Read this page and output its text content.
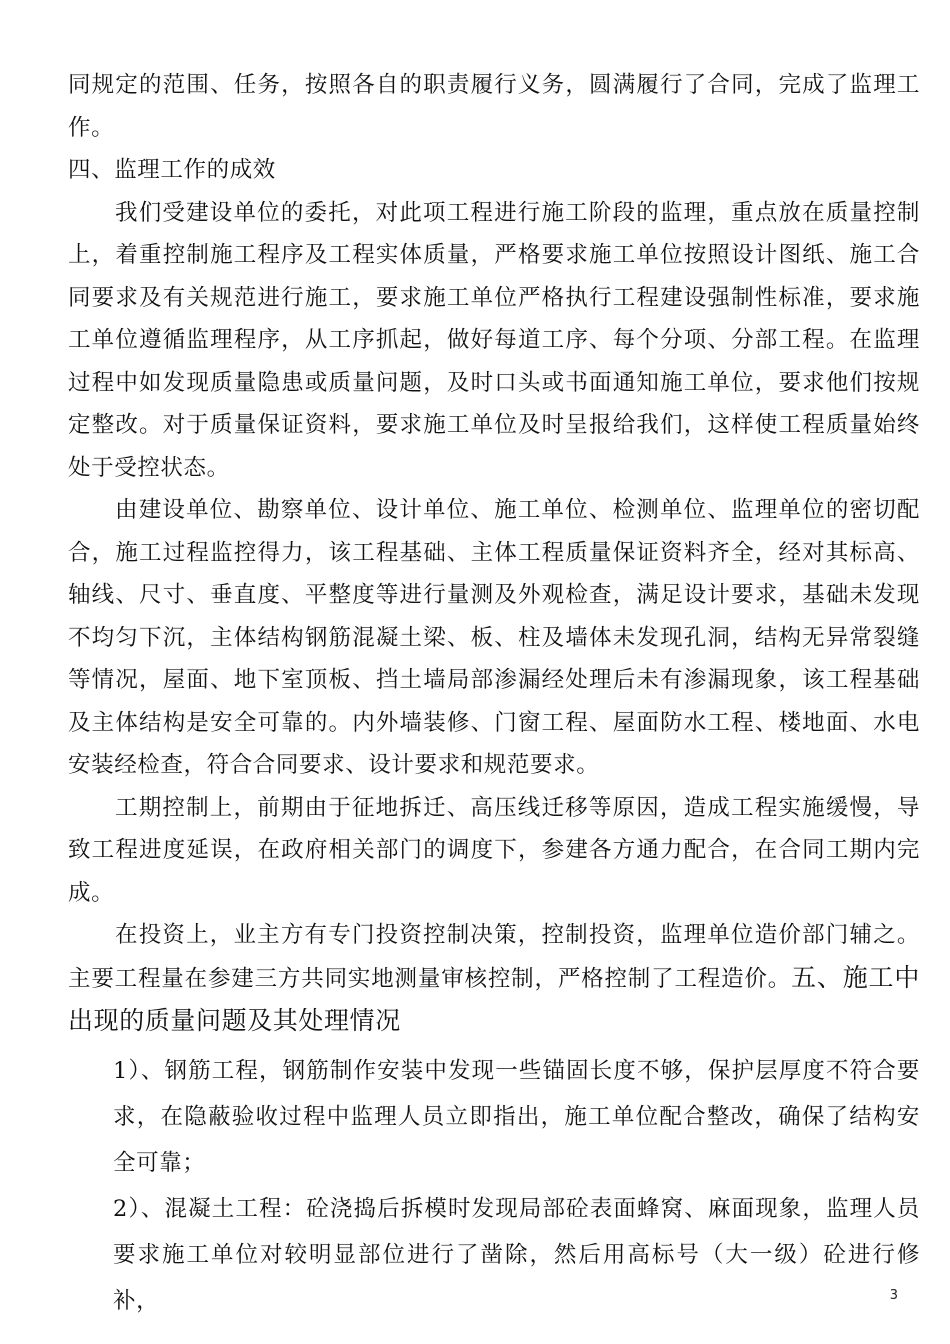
同规定的范围、任务，按照各自的职责履行义务，圆满履行了合同，完成了监理工作。

四、监理工作的成效

我们受建设单位的委托，对此项工程进行施工阶段的监理，重点放在质量控制上，着重控制施工程序及工程实体质量，严格要求施工单位按照设计图纸、施工合同要求及有关规范进行施工，要求施工单位严格执行工程建设强制性标准，要求施工单位遵循监理程序，从工序抓起，做好每道工序、每个分项、分部工程。在监理过程中如发现质量隐患或质量问题，及时口头或书面通知施工单位，要求他们按规定整改。对于质量保证资料，要求施工单位及时呈报给我们，这样使工程质量始终处于受控状态。

由建设单位、勘察单位、设计单位、施工单位、检测单位、监理单位的密切配合，施工过程监控得力，该工程基础、主体工程质量保证资料齐全，经对其标高、轴线、尺寸、垂直度、平整度等进行量测及外观检查，满足设计要求，基础未发现不均匀下沉，主体结构钢筋混凝土梁、板、柱及墙体未发现孔洞，结构无异常裂缝等情况，屋面、地下室顶板、挡土墙局部渗漏经处理后未有渗漏现象，该工程基础及主体结构是安全可靠的。内外墙装修、门窗工程、屋面防水工程、楼地面、水电安装经检查，符合合同要求、设计要求和规范要求。

工期控制上，前期由于征地拆迁、高压线迁移等原因，造成工程实施缓慢，导致工程进度延误，在政府相关部门的调度下，参建各方通力配合，在合同工期内完成。

在投资上，业主方有专门投资控制决策，控制投资，监理单位造价部门辅之。主要工程量在参建三方共同实地测量审核控制，严格控制了工程造价。五、施工中出现的质量问题及其处理情况

1）、钢筋工程，钢筋制作安装中发现一些锚固长度不够，保护层厚度不符合要求，在隐蔽验收过程中监理人员立即指出，施工单位配合整改，确保了结构安全可靠；

2）、混凝土工程：砼浇捣后拆模时发现局部砼表面蜂窝、麻面现象，监理人员要求施工单位对较明显部位进行了凿除，然后用高标号（大一级）砼进行修补，	3
